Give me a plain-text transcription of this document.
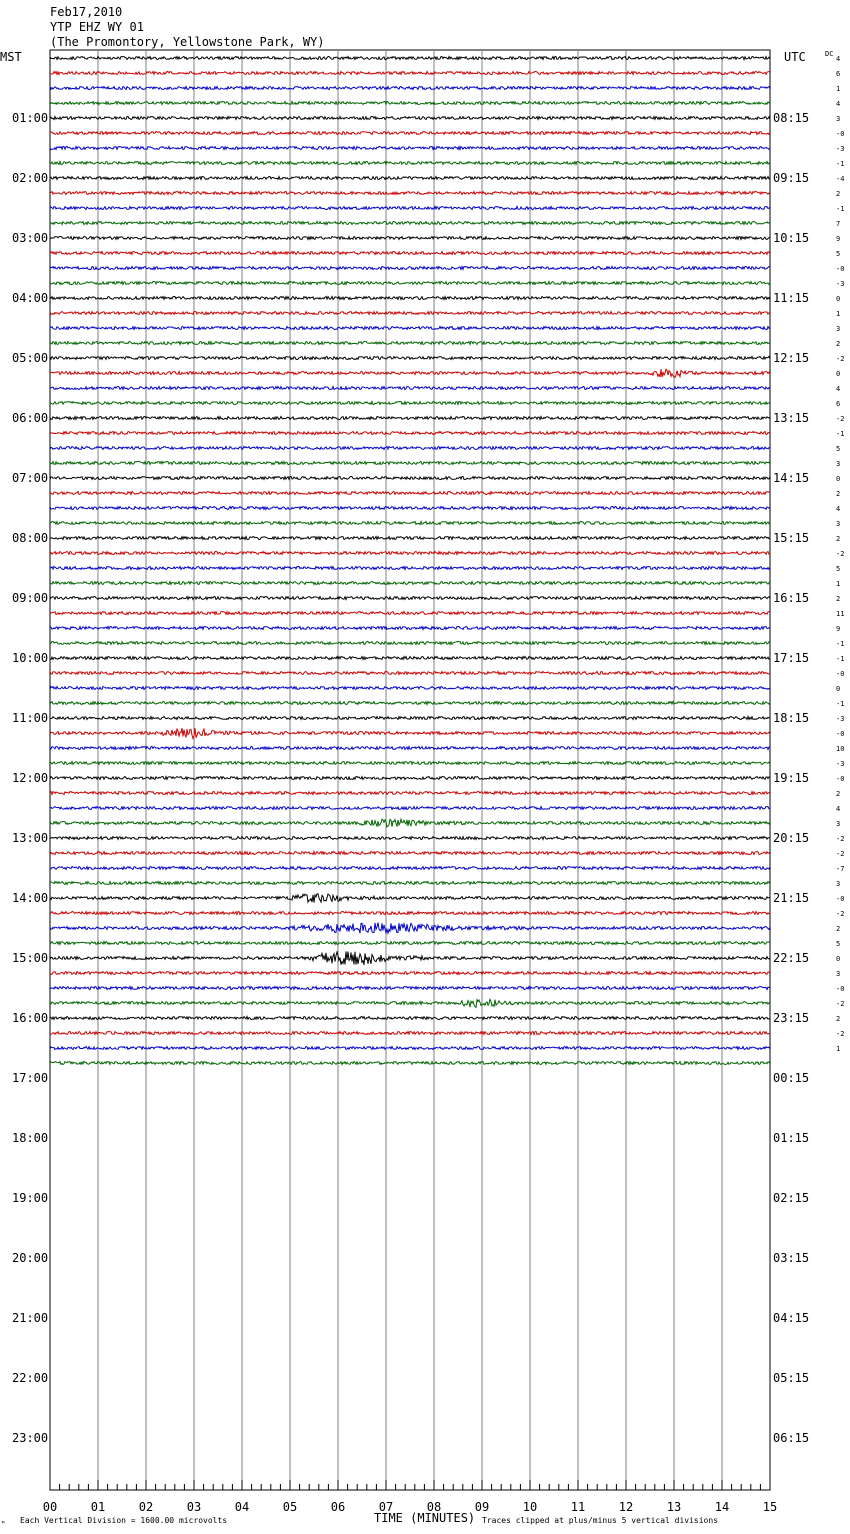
Feb17,2010
YTP EHZ WY 01
(The Promontory, Yellowstone Park, WY)
MST	UTC	DC
01:00
02:00
03:00
04:00
05:00
06:00
07:00
08:00
09:00
10:00
11:00
12:00
13:00
14:00
15:00
16:00
17:00
18:00
19:00
20:00
21:00
22:00
23:00
08:15
09:15
10:15
11:15
12:15
13:15
14:15
15:15
16:15
17:15
18:15
19:15
20:15
21:15
22:15
23:15
00:15
01:15
02:15
03:15
04:15
05:15
06:15
4
6
1
4
3
-0
-3
-1
-4
2
-1
7
9
5
-0
-3
0
1
3
2
-2
0
4
6
-2
-1
5
3
0
2
4
3
2
-2
5
1
2
11
9
-1
-1
-0
0
-1
-3
-0
10
-3
-0
2
4
3
-2
-2
-7
3
-0
-2
2
5
0
3
-0
-2
2
-2
1
00	01	02	03	04	05	06	07	08	09	10	11	12	13	14	15
ᴹ Each Vertical Division = 1600.00 microvolts	TIME (MINUTES) Traces clipped at plus/minus 5 vertical divisions
